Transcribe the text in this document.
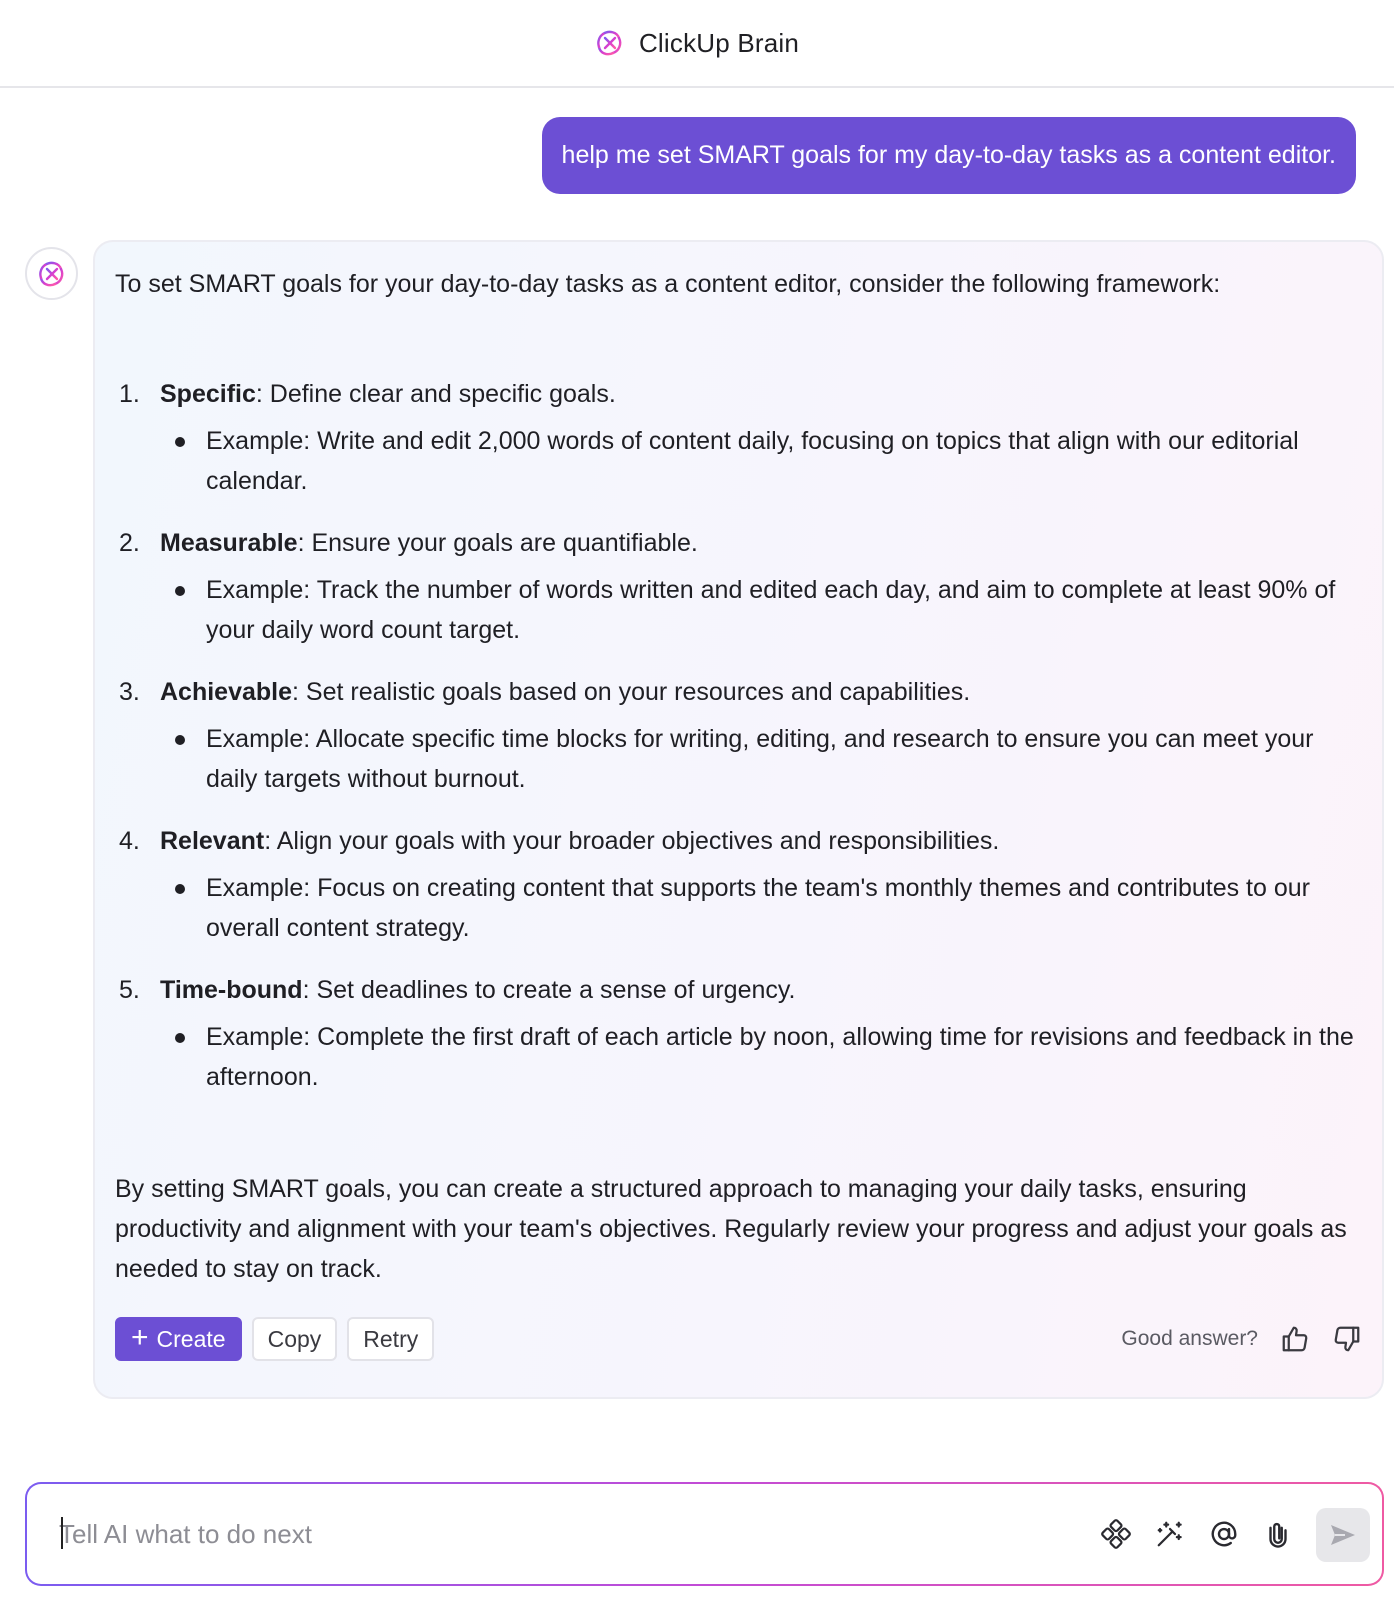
ClickUp Brain
help me set SMART goals for my day-to-day tasks as a content editor.

To set SMART goals for your day-to-day tasks as a content editor, consider the following framework:

1. Specific: Define clear and specific goals.
Example: Write and edit 2,000 words of content daily, focusing on topics that align with our editorial calendar.
2. Measurable: Ensure your goals are quantifiable.
Example: Track the number of words written and edited each day, and aim to complete at least 90% of your daily word count target.
3. Achievable: Set realistic goals based on your resources and capabilities.
Example: Allocate specific time blocks for writing, editing, and research to ensure you can meet your daily targets without burnout.
4. Relevant: Align your goals with your broader objectives and responsibilities.
Example: Focus on creating content that supports the team's monthly themes and contributes to our overall content strategy.
5. Time-bound: Set deadlines to create a sense of urgency.
Example: Complete the first draft of each article by noon, allowing time for revisions and feedback in the afternoon.

By setting SMART goals, you can create a structured approach to managing your daily tasks, ensuring productivity and alignment with your team's objectives. Regularly review your progress and adjust your goals as needed to stay on track.

+ Create	Copy	Retry	Good answer?
Tell AI what to do next
